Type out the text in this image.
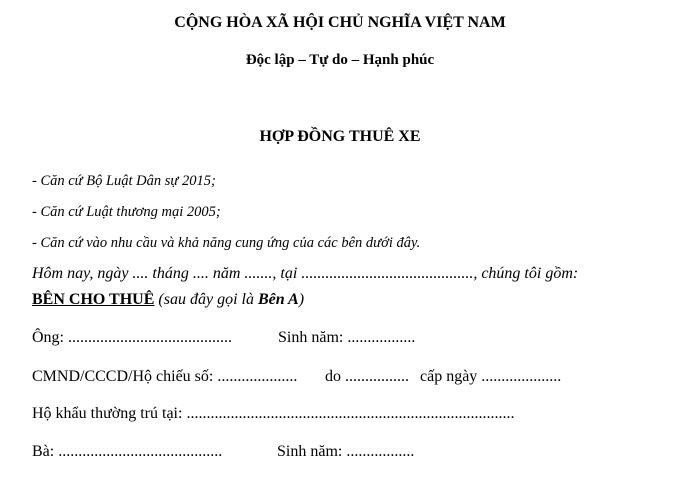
CỘNG HÒA XÃ HỘI CHỦ NGHĨA VIỆT NAM
Độc lập – Tự do – Hạnh phúc
HỢP ĐỒNG THUÊ XE
- Căn cứ Bộ Luật Dân sự 2015;
- Căn cứ Luật thương mại 2005;
- Căn cứ vào nhu cầu và khả năng cung ứng của các bên dưới đây.
Hôm nay, ngày .... tháng .... năm ......., tại ..........................................., chúng tôi gồm:
BÊN CHO THUÊ (sau đây gọi là Bên A)
Ông: .........................................	Sinh năm: .................
CMND/CCCD/Hộ chiếu số: .................... do ................ cấp ngày ....................
Hộ khẩu thường trú tại: ..................................................................................
Bà: .........................................	Sinh năm: .................
